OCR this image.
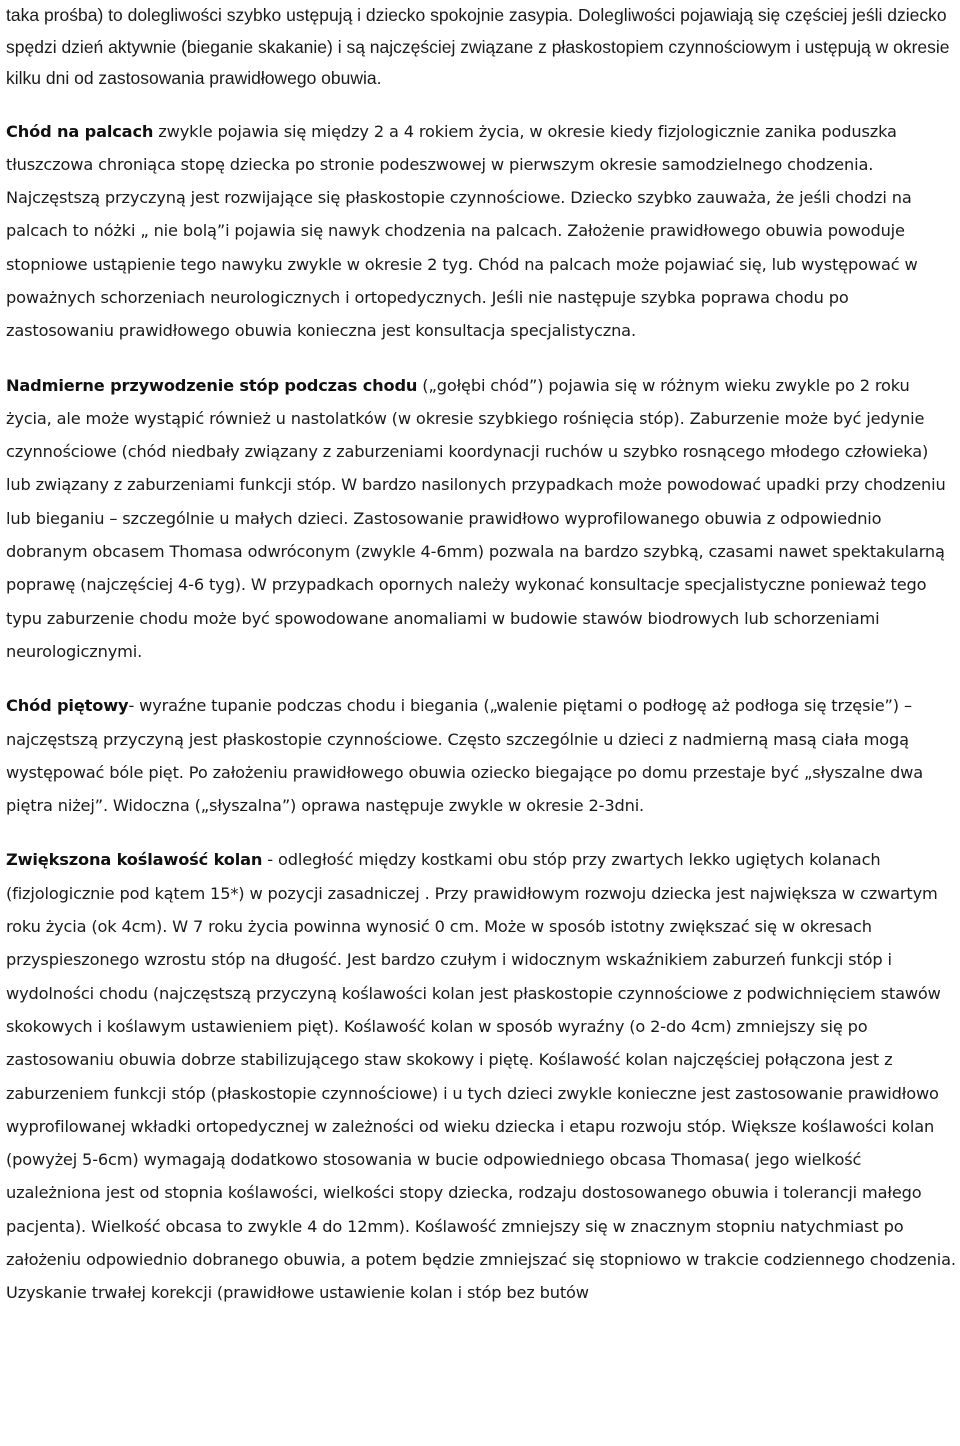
taka prośba) to dolegliwości szybko ustępują i dziecko spokojnie zasypia. Dolegliwości pojawiają się częściej jeśli dziecko spędzi dzień aktywnie (bieganie skakanie) i są najczęściej związane z płaskostopiem czynnościowym i ustępują w okresie kilku dni od zastosowania prawidłowego obuwia.

Chód na palcach zwykle pojawia się między 2 a 4 rokiem życia, w okresie kiedy fizjologicznie zanika poduszka tłuszczowa chroniąca stopę dziecka po stronie podeszwowej w pierwszym okresie samodzielnego chodzenia. Najczęstszą przyczyną jest rozwijające się płaskostopie czynnościowe. Dziecko szybko zauważa, że jeśli chodzi na palcach to nóżki „ nie bolą”i pojawia się nawyk chodzenia na palcach. Założenie prawidłowego obuwia powoduje stopniowe ustąpienie tego nawyku zwykle w okresie 2 tyg. Chód na palcach może pojawiać się, lub występować w poważnych schorzeniach neurologicznych i ortopedycznych. Jeśli nie następuje szybka poprawa chodu po zastosowaniu prawidłowego obuwia konieczna jest konsultacja specjalistyczna.

Nadmierne przywodzenie stóp podczas chodu („gołębi chód”) pojawia się w różnym wieku zwykle po 2 roku życia, ale może wystąpić również u nastolatków (w okresie szybkiego rośnięcia stóp). Zaburzenie może być jedynie czynnościowe (chód niedbały związany z zaburzeniami koordynacji ruchów u szybko rosnącego młodego człowieka) lub związany z zaburzeniami funkcji stóp. W bardzo nasilonych przypadkach może powodować upadki przy chodzeniu lub bieganiu – szczególnie u małych dzieci. Zastosowanie prawidłowo wyprofilowanego obuwia z odpowiednio dobranym obcasem Thomasa odwróconym (zwykle 4-6mm) pozwala na bardzo szybką, czasami nawet spektakularną poprawę (najczęściej 4-6 tyg). W przypadkach opornych należy wykonać konsultacje specjalistyczne ponieważ tego typu zaburzenie chodu może być spowodowane anomaliami w budowie stawów biodrowych lub schorzeniami neurologicznymi.

Chód piętowy- wyraźne tupanie podczas chodu i biegania („walenie piętami o podłogę aż podłoga się trzęsie”) – najczęstszą przyczyną jest płaskostopie czynnościowe. Często szczególnie u dzieci z nadmierną masą ciała mogą występować bóle pięt. Po założeniu prawidłowego obuwia oziecko biegające po domu przestaje być „słyszalne dwa piętra niżej”. Widoczna („słyszalna”) oprawa następuje zwykle w okresie 2-3dni.

Zwiększona koślawość kolan - odległość między kostkami obu stóp przy zwartych lekko ugiętych kolanach (fizjologicznie pod kątem 15*) w pozycji zasadniczej . Przy prawidłowym rozwoju dziecka jest największa w czwartym roku życia (ok 4cm). W 7 roku życia powinna wynosić 0 cm. Może w sposób istotny zwiększać się w okresach przyspieszonego wzrostu stóp na długość. Jest bardzo czułym i widocznym wskaźnikiem zaburzeń funkcji stóp i wydolności chodu (najczęstszą przyczyną koślawości kolan jest płaskostopie czynnościowe z podwichnięciem stawów skokowych i koślawym ustawieniem pięt). Koślawość kolan w sposób wyraźny (o 2-do 4cm) zmniejszy się po zastosowaniu obuwia dobrze stabilizującego staw skokowy i piętę. Koślawość kolan najczęściej połączona jest z zaburzeniem funkcji stóp (płaskostopie czynnościowe) i u tych dzieci zwykle konieczne jest zastosowanie prawidłowo wyprofilowanej wkładki ortopedycznej w zależności od wieku dziecka i etapu rozwoju stóp. Większe koślawości kolan (powyżej 5-6cm) wymagają dodatkowo stosowania w bucie odpowiedniego obcasa Thomasa( jego wielkość uzależniona jest od stopnia koślawości, wielkości stopy dziecka, rodzaju dostosowanego obuwia i tolerancji małego pacjenta). Wielkość obcasa to zwykle 4 do 12mm). Koślawość zmniejszy się w znacznym stopniu natychmiast po założeniu odpowiednio dobranego obuwia, a potem będzie zmniejszać się stopniowo w trakcie codziennego chodzenia. Uzyskanie trwałej korekcji (prawidłowe ustawienie kolan i stóp bez butów
